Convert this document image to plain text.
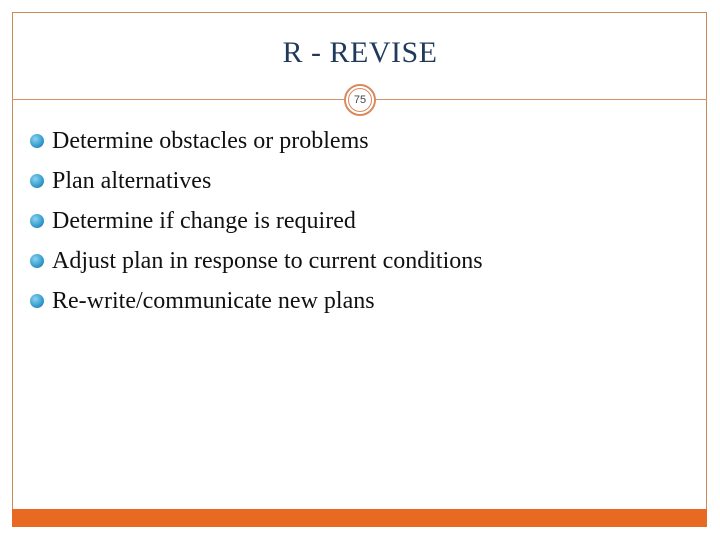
R - REVISE
75
Determine obstacles or problems
Plan alternatives
Determine if change is required
Adjust plan in response to current conditions
Re-write/communicate new plans
